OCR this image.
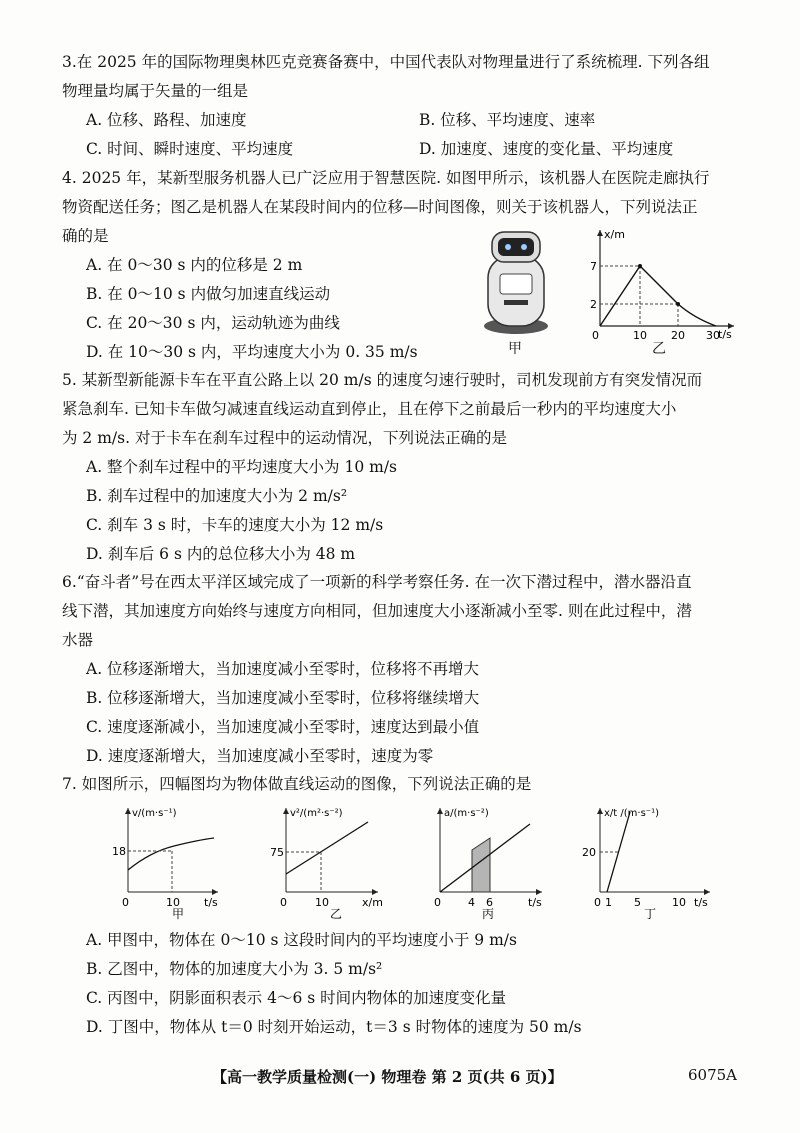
3.在 2025 年的国际物理奥林匹克竞赛备赛中，中国代表队对物理量进行了系统梳理. 下列各组

物理量均属于矢量的一组是

A. 位移、路程、加速度	B. 位移、平均速度、速率
C. 时间、瞬时速度、平均速度	D. 加速度、速度的变化量、平均速度

4. 2025 年，某新型服务机器人已广泛应用于智慧医院. 如图甲所示，该机器人在医院走廊执行

物资配送任务；图乙是机器人在某段时间内的位移—时间图像，则关于该机器人，下列说法正

确的是

A. 在 0～30 s 内的位移是 2 m

B. 在 0～10 s 内做匀加速直线运动

C. 在 20～30 s 内，运动轨迹为曲线

D. 在 10～30 s 内，平均速度大小为 0. 35 m/s	甲
x/m
t/s
7
2
0	10 20 30
乙

5. 某新型新能源卡车在平直公路上以 20 m/s 的速度匀速行驶时，司机发现前方有突发情况而

紧急刹车. 已知卡车做匀减速直线运动直到停止，且在停下之前最后一秒内的平均速度大小

为 2 m/s. 对于卡车在刹车过程中的运动情况，下列说法正确的是

A. 整个刹车过程中的平均速度大小为 10 m/s

B. 刹车过程中的加速度大小为 2 m/s²

C. 刹车 3 s 时，卡车的速度大小为 12 m/s

D. 刹车后 6 s 内的总位移大小为 48 m

6.“奋斗者”号在西太平洋区域完成了一项新的科学考察任务. 在一次下潜过程中，潜水器沿直

线下潜，其加速度方向始终与速度方向相同，但加速度大小逐渐减小至零. 则在此过程中，潜

水器

A. 位移逐渐增大，当加速度减小至零时，位移将不再增大

B. 位移逐渐增大，当加速度减小至零时，位移将继续增大

C. 速度逐渐减小，当加速度减小至零时，速度达到最小值

D. 速度逐渐增大，当加速度减小至零时，速度为零

7. 如图所示，四幅图均为物体做直线运动的图像，下列说法正确的是

v/(m·s⁻¹)
18
0	10 t/s
甲
v²/(m²·s⁻²)
75
0	10	x/m
乙
a/(m·s⁻²)
0 4 6	t/s
丙
x/t /(m·s⁻¹)
20
0 1 5	10 t/s
丁

A. 甲图中，物体在 0～10 s 这段时间内的平均速度小于 9 m/s

B. 乙图中，物体的加速度大小为 3. 5 m/s²

C. 丙图中，阴影面积表示 4～6 s 时间内物体的加速度变化量

D. 丁图中，物体从 t＝0 时刻开始运动，t＝3 s 时物体的速度为 50 m/s

【高一教学质量检测(一) 物理卷 第 2 页(共 6 页)】	6075A
